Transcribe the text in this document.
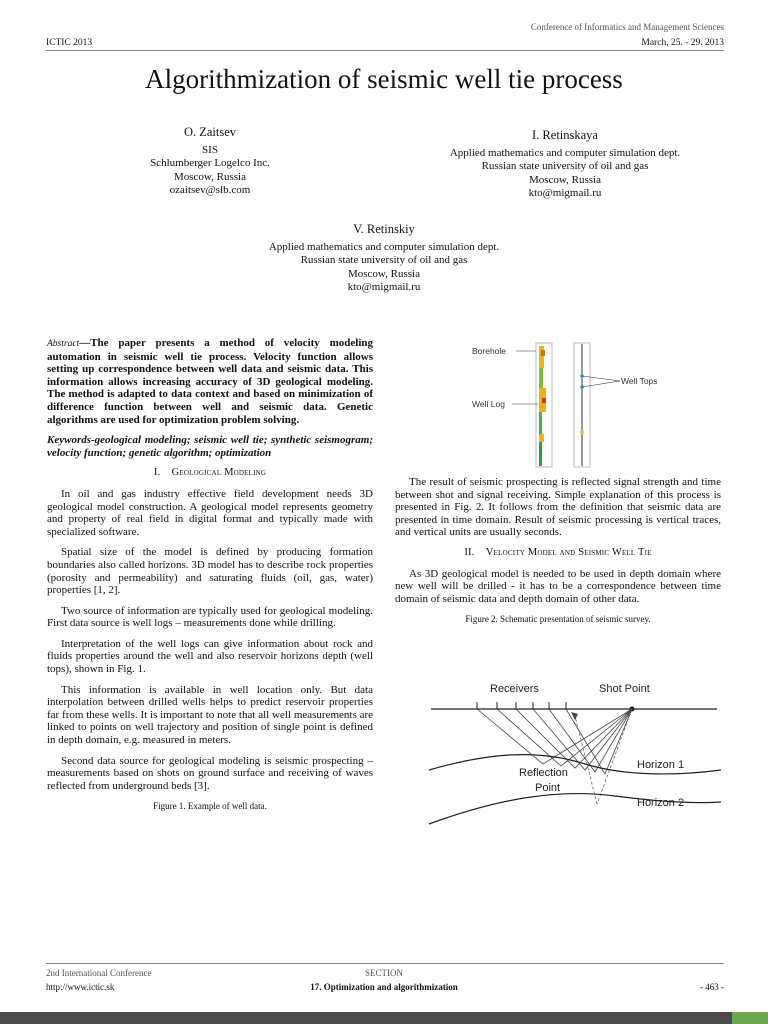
Conference of Informatics and Management Sciences
ICTIC 2013	March, 25. - 29. 2013
Algorithmization of seismic well tie process
O. Zaitsev
SIS
Schlumberger Logelco Inc.
Moscow, Russia
ozaitsev@slb.com
I. Retinskaya
Applied mathematics and computer simulation dept.
Russian state university of oil and gas
Moscow, Russia
kto@migmail.ru
V. Retinskiy
Applied mathematics and computer simulation dept.
Russian state university of oil and gas
Moscow, Russia
kto@migmail.ru

Abstract—The paper presents a method of velocity modeling automation in seismic well tie process. Velocity function allows setting up correspondence between well data and seismic data. This information allows increasing accuracy of 3D geological modeling. The method is adapted to data context and based on minimization of difference function between well and seismic data. Genetic algorithms are used for optimization problem solving.

Keywords-geological modeling; seismic well tie; synthetic seismogram; velocity function; genetic algorithm; optimization

I. Geological Modeling

In oil and gas industry effective field development needs 3D geological model construction. A geological model represents geometry and property of real field in digital format and typically made with specialized software.

Spatial size of the model is defined by producing formation boundaries also called horizons. 3D model has to describe rock properties (porosity and permeability) and saturating fluids (oil, gas, water) properties [1, 2].

Two source of information are typically used for geological modeling. First data source is well logs – measurements done while drilling.

Interpretation of the well logs can give information about rock and fluids properties around the well and also reservoir horizons depth (well tops), shown in Fig. 1.

This information is available in well location only. But data interpolation between drilled wells helps to predict reservoir properties far from these wells. It is important to note that all well measurements are linked to points on well trajectory and position of single point is defined in depth domain, e.g. measured in meters.

Second data source for geological modeling is seismic prospecting – measurements based on shots on ground surface and receiving of waves reflected from underground beds [3].

Figure 1. Example of well data.
Borehole
Well Log
Well Tops

The result of seismic prospecting is reflected signal strength and time between shot and signal receiving. Simple explanation of this process is presented in Fig. 2. It follows from the definition that seismic data are presented in time domain. Result of seismic processing is vertical traces, and vertical units are usually seconds.

II. Velocity Model and Seismic Well Tie

As 3D geological model is needed to be used in depth domain where new well will be drilled - it has to be a correspondence between time domain of seismic data and depth domain of other data.

Figure 2. Schematic presentation of seismic survey.
Receivers	Shot Point
Reflection
Point
Horizon 1
Horizon 2
2nd International Conference
http://www.ictic.sk
SECTION
17. Optimization and algorithmization	- 463 -
